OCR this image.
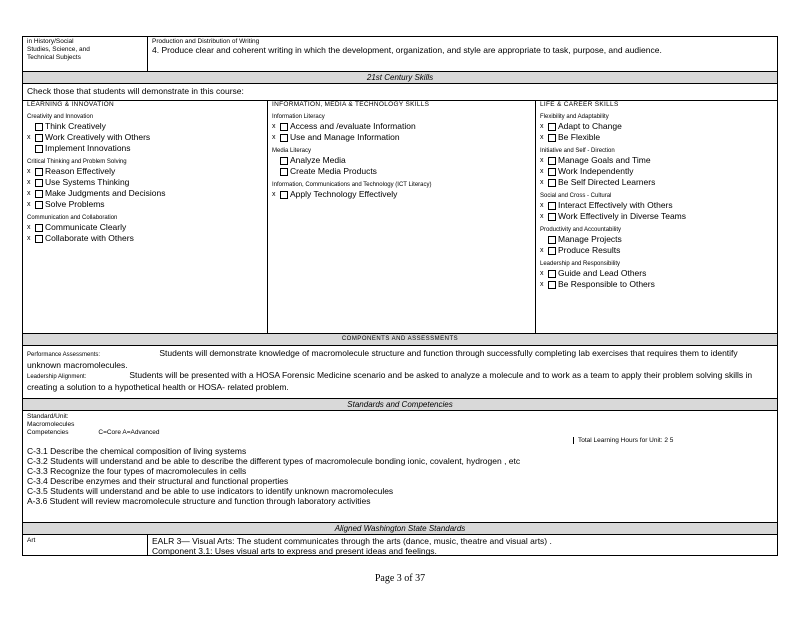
in History/Social
Studies, Science, and
Technical Subjects
Production and Distribution of Writing
4. Produce clear and coherent writing in which the development, organization, and style are appropriate to task, purpose, and audience.
21st Century Skills
Check those that students will demonstrate in this course:
LEARNING & INNOVATION
Creativity and Innovation
Think Creatively
x	Work Creatively with Others
Implement Innovations
Critical Thinking and Problem Solving
x	Reason Effectively
x	Use Systems Thinking
x	Make Judgments and Decisions
x	Solve Problems
Communication and Collaboration
x	Communicate Clearly
x	Collaborate with Others
INFORMATION, MEDIA & TECHNOLOGY SKILLS
Information Literacy
x	Access and /evaluate Information
x	Use and Manage Information
Media Literacy
Analyze Media
Create Media Products
Information, Communications and Technology (ICT Literacy)
x	Apply Technology Effectively
LIFE & CAREER SKILLS
Flexibility and Adaptability
x	Adapt to Change
x	Be Flexible
Initiative and Self - Direction
x	Manage Goals and Time
x	Work Independently
x	Be Self Directed Learners
Social and Cross - Cultural
x	Interact Effectively with Others
x	Work Effectively in Diverse Teams
Productivity and Accountability
Manage Projects
x	Produce Results
Leadership and Responsibility
x	Guide and Lead Others
x	Be Responsible to Others
COMPONENTS AND ASSESSMENTS
Performance Assessments:	Students will demonstrate knowledge of macromolecule structure and function through successfully completing lab exercises that requires them to identify unknown macromolecules.
Leadership Alignment:	Students will be presented with a HOSA Forensic Medicine scenario and be asked to analyze a molecule and to work as a team to apply their problem solving skills in creating a solution to a hypothetical health or HOSA- related problem.
Standards and Competencies
Standard/Unit:
Macromolecules
Competencies	C=Core A=Advanced
Total Learning Hours for Unit: 2 5
C-3.1 Describe the chemical composition of living systems
C-3.2 Students will understand and be able to describe the different types of macromolecule bonding ionic, covalent, hydrogen , etc
C-3.3 Recognize the four types of macromolecules in cells
C-3.4 Describe enzymes and their structural and functional properties
C-3.5 Students will understand and be able to use indicators to identify unknown macromolecules
A-3.6 Student will review macromolecule structure and function through laboratory activities
Aligned Washington State Standards
Art	EALR 3— Visual Arts: The student communicates through the arts (dance, music, theatre and visual arts) .
Component 3.1: Uses visual arts to express and present ideas and feelings.
Page 3 of 37
